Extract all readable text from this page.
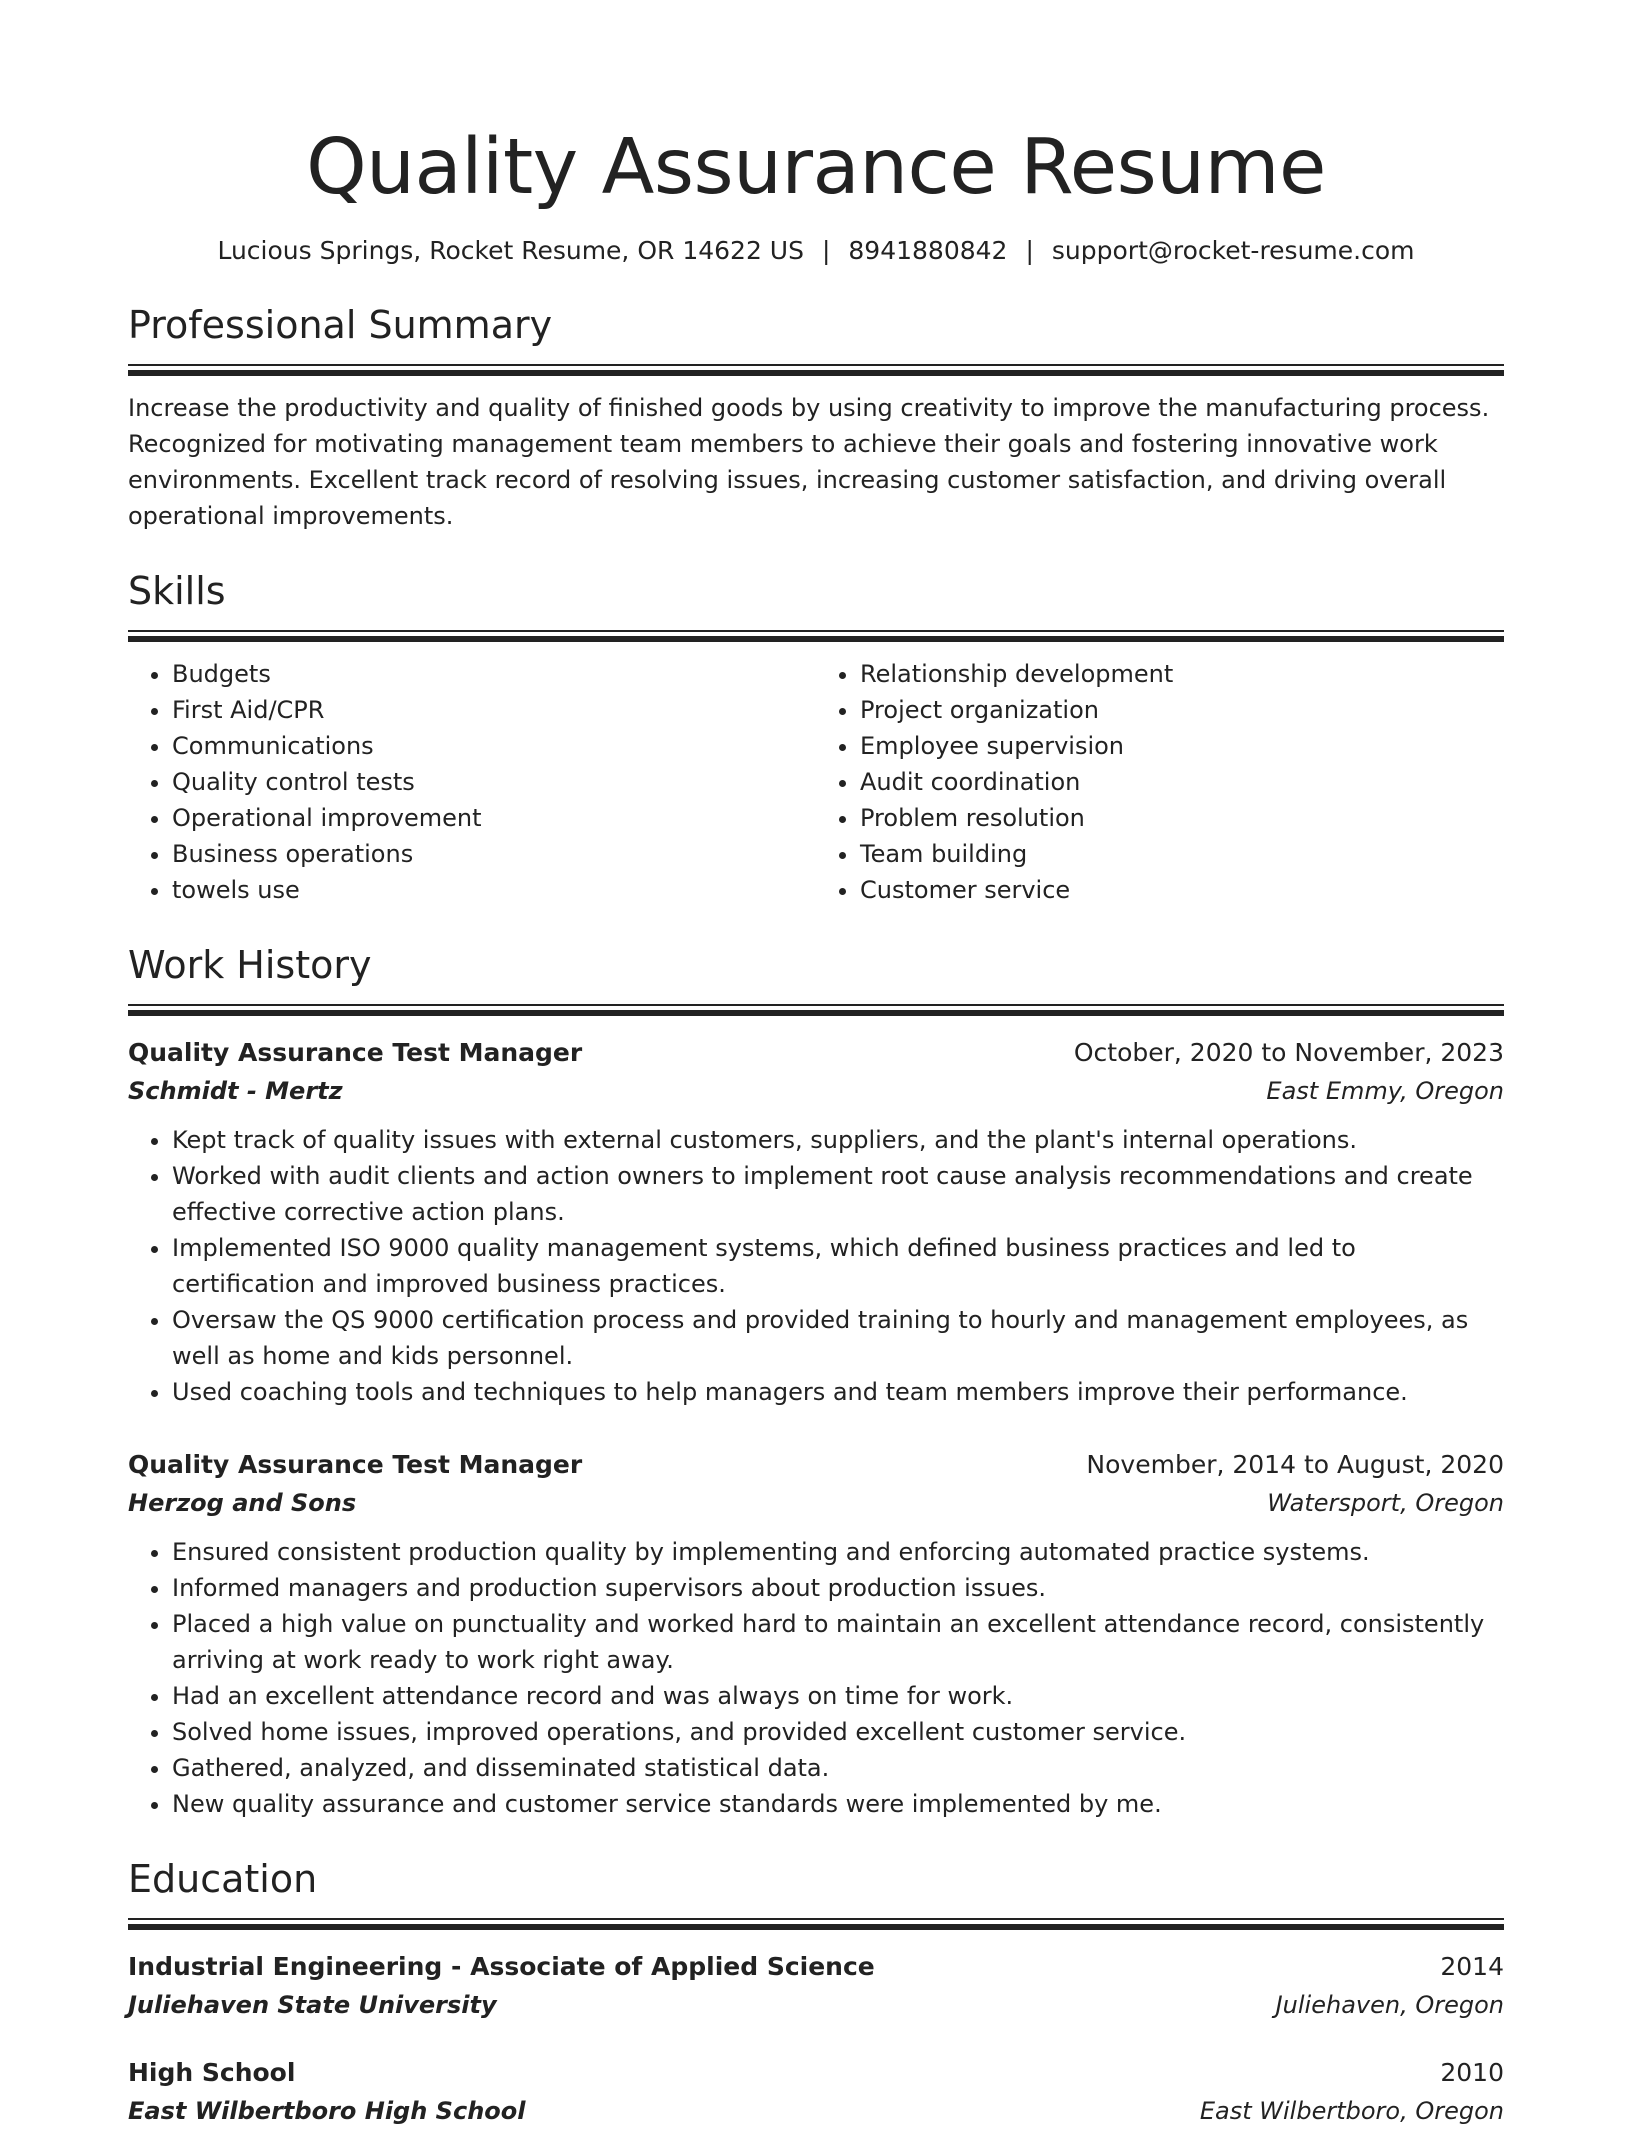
Quality Assurance Resume
Lucious Springs, Rocket Resume, OR 14622 US | 8941880842 | support@rocket-resume.com
Professional Summary
Increase the productivity and quality of finished goods by using creativity to improve the manufacturing process. Recognized for motivating management team members to achieve their goals and fostering innovative work environments. Excellent track record of resolving issues, increasing customer satisfaction, and driving overall operational improvements.
Skills
• Budgets
• First Aid/CPR
• Communications
• Quality control tests
• Operational improvement
• Business operations
• towels use
• Relationship development
• Project organization
• Employee supervision
• Audit coordination
• Problem resolution
• Team building
• Customer service
Work History
Quality Assurance Test Manager	October, 2020 to November, 2023
Schmidt - Mertz	East Emmy, Oregon
• Kept track of quality issues with external customers, suppliers, and the plant's internal operations.
• Worked with audit clients and action owners to implement root cause analysis recommendations and create effective corrective action plans.
• Implemented ISO 9000 quality management systems, which defined business practices and led to certification and improved business practices.
• Oversaw the QS 9000 certification process and provided training to hourly and management employees, as well as home and kids personnel.
• Used coaching tools and techniques to help managers and team members improve their performance.
Quality Assurance Test Manager	November, 2014 to August, 2020
Herzog and Sons	Watersport, Oregon
• Ensured consistent production quality by implementing and enforcing automated practice systems.
• Informed managers and production supervisors about production issues.
• Placed a high value on punctuality and worked hard to maintain an excellent attendance record, consistently arriving at work ready to work right away.
• Had an excellent attendance record and was always on time for work.
• Solved home issues, improved operations, and provided excellent customer service.
• Gathered, analyzed, and disseminated statistical data.
• New quality assurance and customer service standards were implemented by me.
Education
Industrial Engineering - Associate of Applied Science	2014
Juliehaven State University	Juliehaven, Oregon
High School	2010
East Wilbertboro High School	East Wilbertboro, Oregon
